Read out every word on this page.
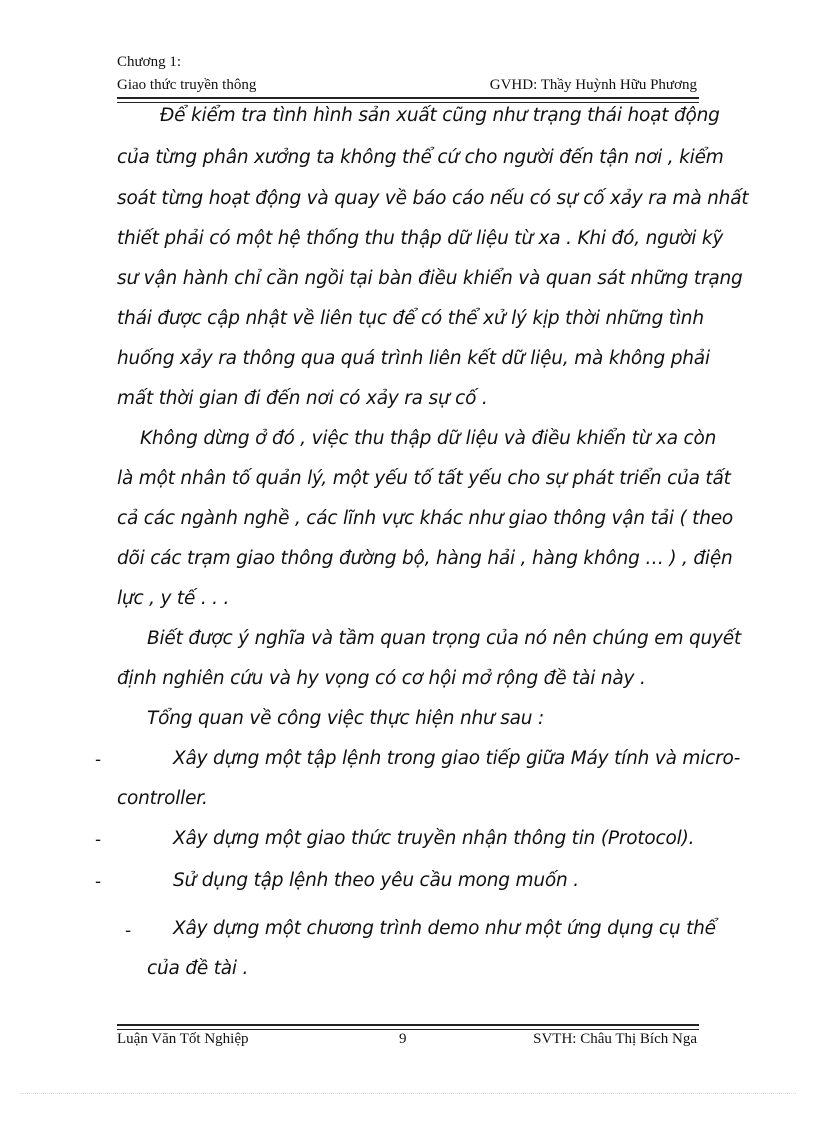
Chương 1:
Giao thức truyền thông	GVHD: Thầy Huỳnh Hữu Phương
Để kiểm tra tình hình sản xuất cũng như trạng thái hoạt động
của từng phân xưởng ta không thể cứ cho người đến tận nơi , kiểm
soát từng hoạt động và quay về báo cáo nếu có sự cố xảy ra mà nhất
thiết phải có một hệ thống thu thập dữ liệu từ xa . Khi đó, người kỹ
sư vận hành chỉ cần ngồi tại bàn điều khiển và quan sát những trạng
thái được cập nhật về liên tục để có thể xử lý kịp thời những tình
huống xảy ra thông qua quá trình liên kết dữ liệu, mà không phải
mất thời gian đi đến nơi có xảy ra sự cố .
Không dừng ở đó , việc thu thập dữ liệu và điều khiển từ xa còn
là một nhân tố quản lý, một yếu tố tất yếu cho sự phát triển của tất
cả các ngành nghề , các lĩnh vực khác như giao thông vận tải ( theo
dõi các trạm giao thông đường bộ, hàng hải , hàng không … ) , điện
lực , y tế . . .
Biết được ý nghĩa và tầm quan trọng của nó nên chúng em quyết
định nghiên cứu và hy vọng có cơ hội mở rộng đề tài này .
Tổng quan về công việc thực hiện như sau :
-	Xây dựng một tập lệnh trong giao tiếp giữa Máy tính và micro-
controller.
-	Xây dựng một giao thức truyền nhận thông tin (Protocol).
-	Sử dụng tập lệnh theo yêu cầu mong muốn .
- Xây dựng một chương trình demo như một ứng dụng cụ thể
của đề tài .
Luận Văn Tốt Nghiệp	9	SVTH: Châu Thị Bích Nga
